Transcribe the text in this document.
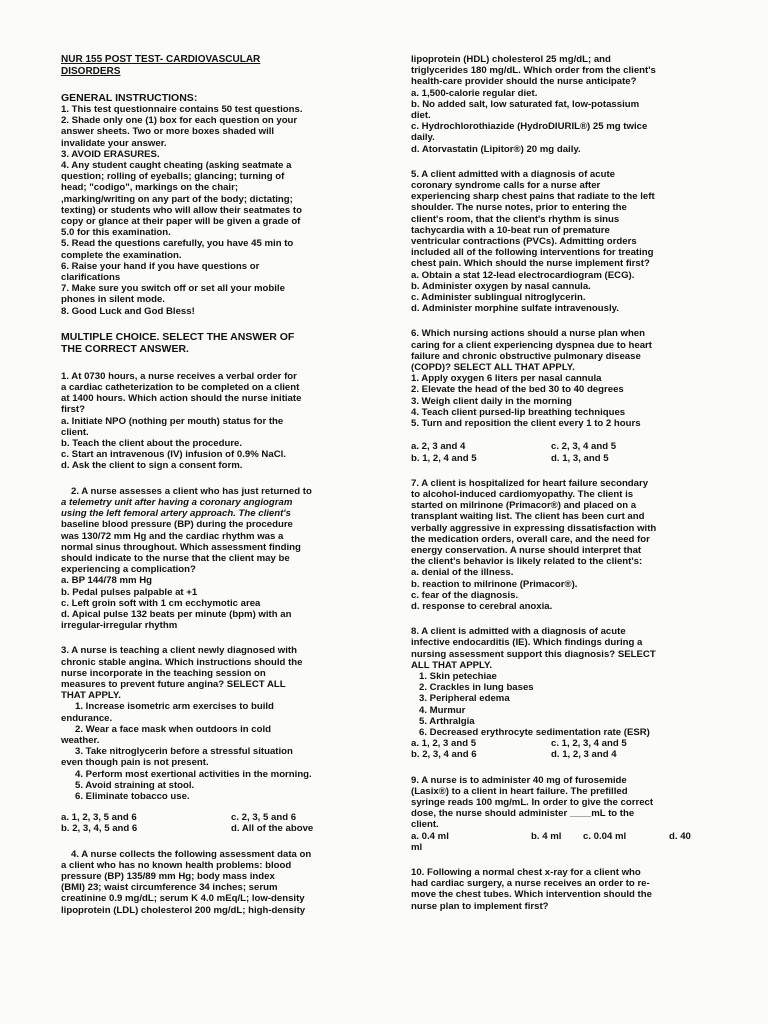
NUR 155 POST TEST- CARDIOVASCULAR
DISORDERS
GENERAL INSTRUCTIONS:
1. This test questionnaire contains 50 test questions.
2. Shade only one (1) box for each question on your
answer sheets. Two or more boxes shaded will
invalidate your answer.
3. AVOID ERASURES.
4. Any student caught cheating (asking seatmate a
question; rolling of eyeballs; glancing; turning of
head; "codigo", markings on the chair;
,marking/writing on any part of the body; dictating;
texting) or students who will allow their seatmates to
copy or glance at their paper will be given a grade of
5.0 for this examination.
5. Read the questions carefully, you have 45 min to
complete the examination.
6. Raise your hand if you have questions or
clarifications
7. Make sure you switch off or set all your mobile
phones in silent mode.
8. Good Luck and God Bless!
MULTIPLE CHOICE. SELECT THE ANSWER OF
THE CORRECT ANSWER.
1. At 0730 hours, a nurse receives a verbal order for
a cardiac catheterization to be completed on a client
at 1400 hours. Which action should the nurse initiate
first?
a. Initiate NPO (nothing per mouth) status for the
client.
b. Teach the client about the procedure.
c. Start an intravenous (IV) infusion of 0.9% NaCl.
d. Ask the client to sign a consent form.
2. A nurse assesses a client who has just returned to
a telemetry unit after having a coronary angiogram
using the left femoral artery approach. The client's
baseline blood pressure (BP) during the procedure
was 130/72 mm Hg and the cardiac rhythm was a
normal sinus throughout. Which assessment finding
should indicate to the nurse that the client may be
experiencing a complication?
a. BP 144/78 mm Hg
b. Pedal pulses palpable at +1
c. Left groin soft with 1 cm ecchymotic area
d. Apical pulse 132 beats per minute (bpm) with an
irregular-irregular rhythm
3. A nurse is teaching a client newly diagnosed with
chronic stable angina. Which instructions should the
nurse incorporate in the teaching session on
measures to prevent future angina? SELECT ALL
THAT APPLY.
1. Increase isometric arm exercises to build
endurance.
2. Wear a face mask when outdoors in cold
weather.
3. Take nitroglycerin before a stressful situation
even though pain is not present.
4. Perform most exertional activities in the morning.
5. Avoid straining at stool.
6. Eliminate tobacco use.
a. 1, 2, 3, 5 and 6	c. 2, 3, 5 and 6
b. 2, 3, 4, 5 and 6	d. All of the above
4. A nurse collects the following assessment data on
a client who has no known health problems: blood
pressure (BP) 135/89 mm Hg; body mass index
(BMI) 23; waist circumference 34 inches; serum
creatinine 0.9 mg/dL; serum K 4.0 mEq/L; low-density
lipoprotein (LDL) cholesterol 200 mg/dL; high-density
lipoprotein (HDL) cholesterol 25 mg/dL; and
triglycerides 180 mg/dL. Which order from the client's
health-care provider should the nurse anticipate?
a. 1,500-calorie regular diet.
b. No added salt, low saturated fat, low-potassium
diet.
c. Hydrochlorothiazide (HydroDIURIL®) 25 mg twice
daily.
d. Atorvastatin (Lipitor®) 20 mg daily.
5. A client admitted with a diagnosis of acute
coronary syndrome calls for a nurse after
experiencing sharp chest pains that radiate to the left
shoulder. The nurse notes, prior to entering the
client's room, that the client's rhythm is sinus
tachycardia with a 10-beat run of premature
ventricular contractions (PVCs). Admitting orders
included all of the following interventions for treating
chest pain. Which should the nurse implement first?
a. Obtain a stat 12-lead electrocardiogram (ECG).
b. Administer oxygen by nasal cannula.
c. Administer sublingual nitroglycerin.
d. Administer morphine sulfate intravenously.
6. Which nursing actions should a nurse plan when
caring for a client experiencing dyspnea due to heart
failure and chronic obstructive pulmonary disease
(COPD)? SELECT ALL THAT APPLY.
1. Apply oxygen 6 liters per nasal cannula
2. Elevate the head of the bed 30 to 40 degrees
3. Weigh client daily in the morning
4. Teach client pursed-lip breathing techniques
5. Turn and reposition the client every 1 to 2 hours
a. 2, 3 and 4	c. 2, 3, 4 and 5
b. 1, 2, 4 and 5	d. 1, 3, and 5
7. A client is hospitalized for heart failure secondary
to alcohol-induced cardiomyopathy. The client is
started on milrinone (Primacor®) and placed on a
transplant waiting list. The client has been curt and
verbally aggressive in expressing dissatisfaction with
the medication orders, overall care, and the need for
energy conservation. A nurse should interpret that
the client's behavior is likely related to the client's:
a. denial of the illness.
b. reaction to milrinone (Primacor®).
c. fear of the diagnosis.
d. response to cerebral anoxia.
8. A client is admitted with a diagnosis of acute
infective endocarditis (IE). Which findings during a
nursing assessment support this diagnosis? SELECT
ALL THAT APPLY.
1. Skin petechiae
2. Crackles in lung bases
3. Peripheral edema
4. Murmur
5. Arthralgia
6. Decreased erythrocyte sedimentation rate (ESR)
a. 1, 2, 3 and 5	c. 1, 2, 3, 4 and 5
b. 2, 3, 4 and 6	d. 1, 2, 3 and 4
9. A nurse is to administer 40 mg of furosemide
(Lasix®) to a client in heart failure. The prefilled
syringe reads 100 mg/mL. In order to give the correct
dose, the nurse should administer ____mL to the
client.
a. 0.4 ml	b. 4 ml	c. 0.04 ml	d. 40
ml
10. Following a normal chest x-ray for a client who
had cardiac surgery, a nurse receives an order to re-
move the chest tubes. Which intervention should the
nurse plan to implement first?
